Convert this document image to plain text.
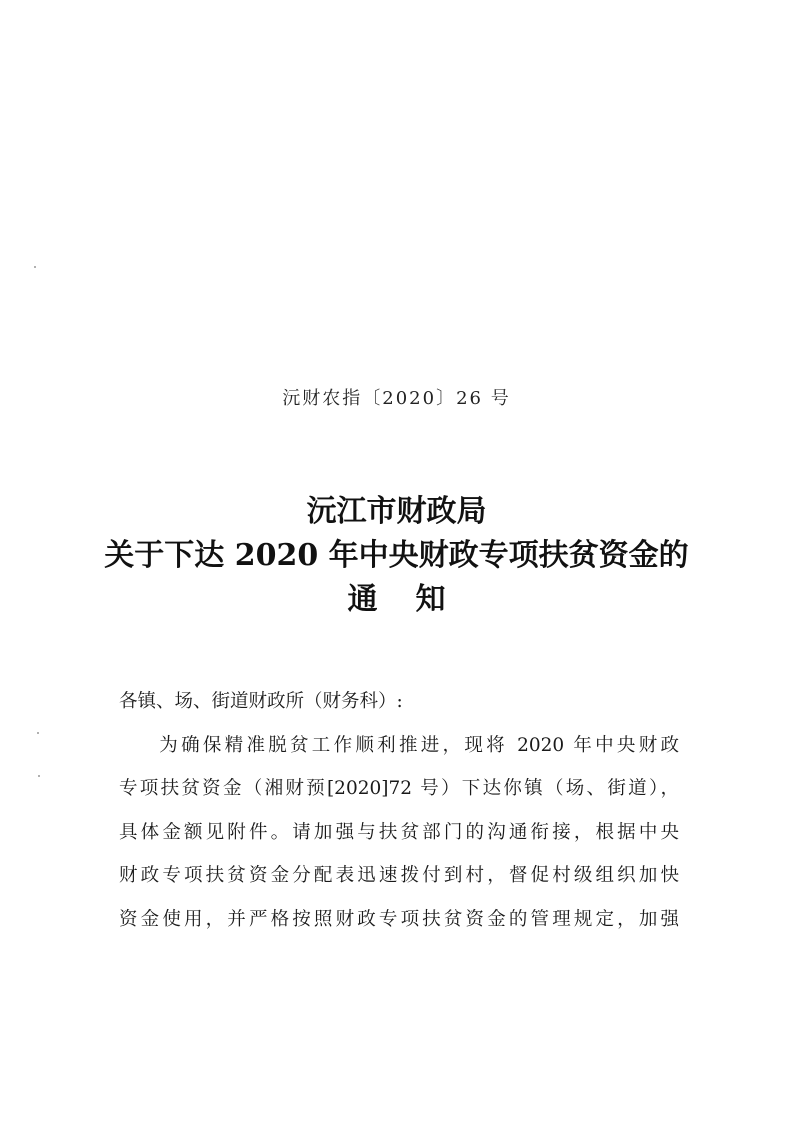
沅财农指〔2020〕26 号
沅江市财政局
关于下达 2020 年中央财政专项扶贫资金的
通知
各镇、场、街道财政所（财务科）:
为确保精准脱贫工作顺利推进，现将 2020 年中央财政
专项扶贫资金（湘财预[2020]72 号）下达你镇（场、街道），
具体金额见附件。请加强与扶贫部门的沟通衔接，根据中央
财政专项扶贫资金分配表迅速拨付到村，督促村级组织加快
资金使用，并严格按照财政专项扶贫资金的管理规定，加强
